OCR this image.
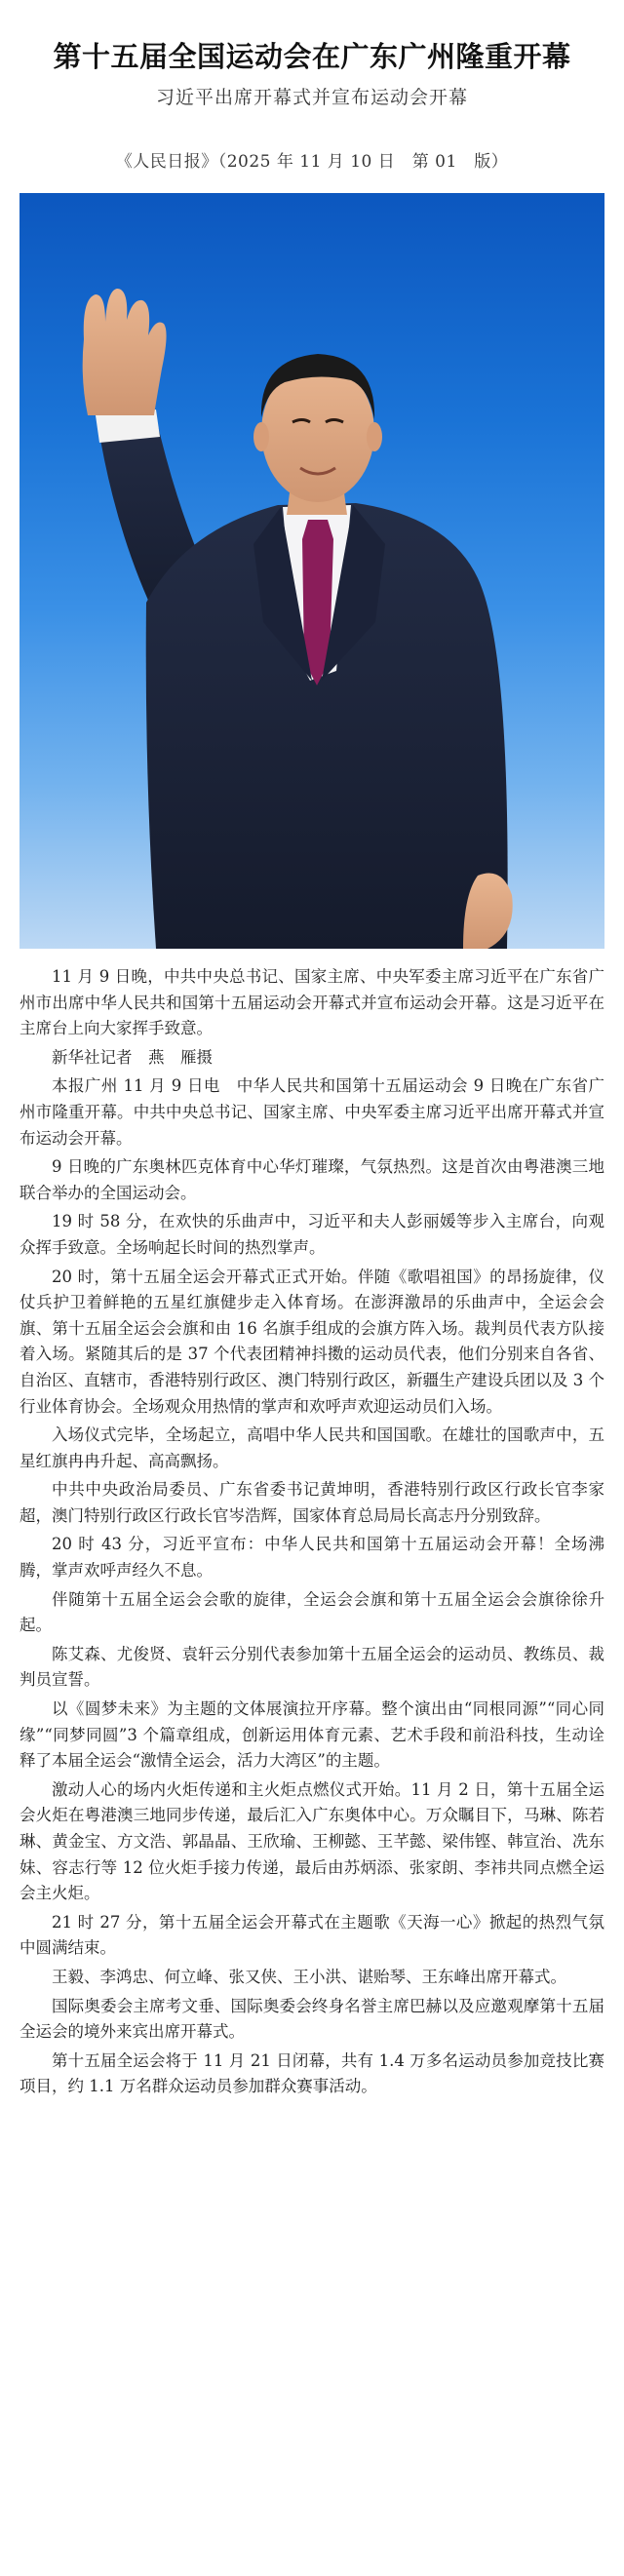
第十五届全国运动会在广东广州隆重开幕
习近平出席开幕式并宣布运动会开幕
《人民日报》（2025 年 11 月 10 日　第 01　版）

11 月 9 日晚，中共中央总书记、国家主席、中央军委主席习近平在广东省广州市出席中华人民共和国第十五届运动会开幕式并宣布运动会开幕。这是习近平在主席台上向大家挥手致意。

新华社记者　燕　雁摄

本报广州 11 月 9 日电　中华人民共和国第十五届运动会 9 日晚在广东省广州市隆重开幕。中共中央总书记、国家主席、中央军委主席习近平出席开幕式并宣布运动会开幕。

9 日晚的广东奥林匹克体育中心华灯璀璨，气氛热烈。这是首次由粤港澳三地联合举办的全国运动会。

19 时 58 分，在欢快的乐曲声中，习近平和夫人彭丽媛等步入主席台，向观众挥手致意。全场响起长时间的热烈掌声。

20 时，第十五届全运会开幕式正式开始。伴随《歌唱祖国》的昂扬旋律，仪仗兵护卫着鲜艳的五星红旗健步走入体育场。在澎湃激昂的乐曲声中，全运会会旗、第十五届全运会会旗和由 16 名旗手组成的会旗方阵入场。裁判员代表方队接着入场。紧随其后的是 37 个代表团精神抖擞的运动员代表，他们分别来自各省、自治区、直辖市，香港特别行政区、澳门特别行政区，新疆生产建设兵团以及 3 个行业体育协会。全场观众用热情的掌声和欢呼声欢迎运动员们入场。

入场仪式完毕，全场起立，高唱中华人民共和国国歌。在雄壮的国歌声中，五星红旗冉冉升起、高高飘扬。

中共中央政治局委员、广东省委书记黄坤明，香港特别行政区行政长官李家超，澳门特别行政区行政长官岑浩辉，国家体育总局局长高志丹分别致辞。

20 时 43 分，习近平宣布：中华人民共和国第十五届运动会开幕！全场沸腾，掌声欢呼声经久不息。

伴随第十五届全运会会歌的旋律，全运会会旗和第十五届全运会会旗徐徐升起。

陈艾森、尤俊贤、袁轩云分别代表参加第十五届全运会的运动员、教练员、裁判员宣誓。

以《圆梦未来》为主题的文体展演拉开序幕。整个演出由“同根同源”“同心同缘”“同梦同圆”3 个篇章组成，创新运用体育元素、艺术手段和前沿科技，生动诠释了本届全运会“激情全运会，活力大湾区”的主题。

激动人心的场内火炬传递和主火炬点燃仪式开始。11 月 2 日，第十五届全运会火炬在粤港澳三地同步传递，最后汇入广东奥体中心。万众瞩目下，马琳、陈若琳、黄金宝、方文浩、郭晶晶、王欣瑜、王柳懿、王芊懿、梁伟铿、韩宣治、冼东妹、容志行等 12 位火炬手接力传递，最后由苏炳添、张家朗、李祎共同点燃全运会主火炬。

21 时 27 分，第十五届全运会开幕式在主题歌《天海一心》掀起的热烈气氛中圆满结束。

王毅、李鸿忠、何立峰、张又侠、王小洪、谌贻琴、王东峰出席开幕式。

国际奥委会主席考文垂、国际奥委会终身名誉主席巴赫以及应邀观摩第十五届全运会的境外来宾出席开幕式。

第十五届全运会将于 11 月 21 日闭幕，共有 1.4 万多名运动员参加竞技比赛项目，约 1.1 万名群众运动员参加群众赛事活动。
